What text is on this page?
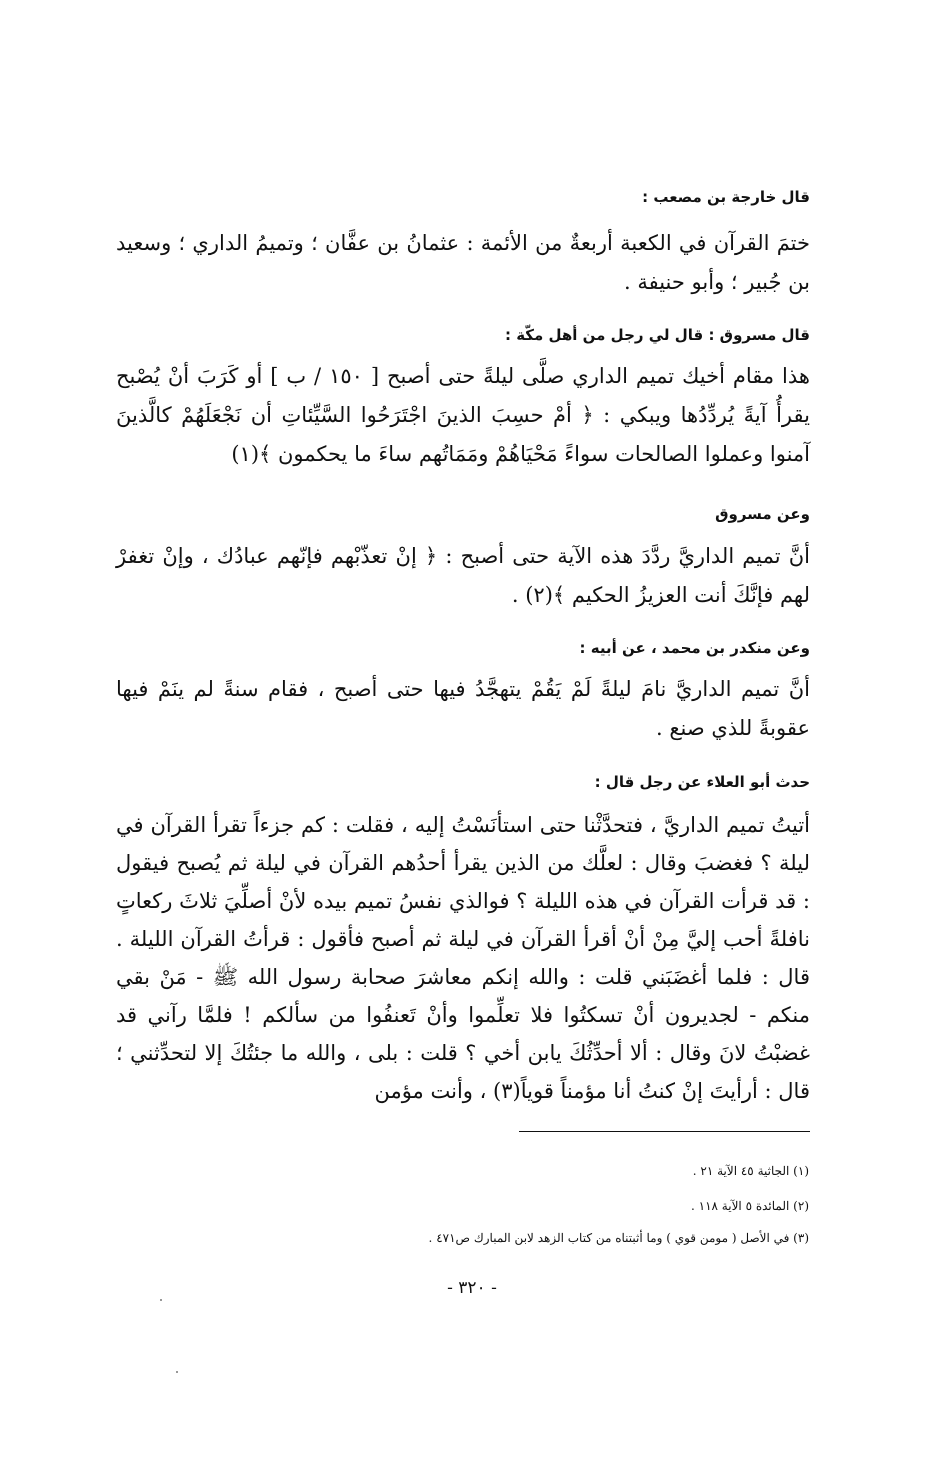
قال خارجة بن مصعب :
ختمَ القرآن في الكعبة أربعةٌ من الأئمة : عثمانُ بن عفَّان ؛ وتميمُ الداري ؛ وسعيد بن جُبير ؛ وأبو حنيفة .
قال مسروق : قال لي رجل من أهل مكّة :
هذا مقام أخيك تميم الداري صلَّى ليلةً حتى أصبح [ ١٥٠ / ب ] أو كَرَبَ أنْ يُصْبح يقرأُ آيةً يُردِّدُها ويبكي : ﴿ أمْ حسِبَ الذينَ اجْتَرَحُوا السَّيِّئاتِ أن نَجْعَلَهُمْ كالَّذينَ آمنوا وعملوا الصالحات سواءً مَحْيَاهُمْ ومَمَاتُهم ساءَ ما يحكمون ﴾(١)
وعن مسروق
أنَّ تميم الداريَّ ردَّدَ هذه الآية حتى أصبح : ﴿ إنْ تعذّبْهم فإنّهم عبادُك ، وإنْ تغفرْ لهم فإنَّكَ أنت العزيزُ الحكيم ﴾(٢) .
وعن منكدر بن محمد ، عن أبيه :
أنَّ تميم الداريَّ نامَ ليلةً لَمْ يَقُمْ يتهجَّدُ فيها حتى أصبح ، فقام سنةً لم ينَمْ فيها عقوبةً للذي صنع .
حدث أبو العلاء عن رجل قال :
أتيتُ تميم الداريَّ ، فتحدَّثْنا حتى استأنَسْتُ إليه ، فقلت : كم جزءاً تقرأ القرآن في ليلة ؟ فغضبَ وقال : لعلَّك من الذين يقرأ أحدُهم القرآن في ليلة ثم يُصبح فيقول : قد قرأت القرآن في هذه الليلة ؟ فوالذي نفسُ تميم بيده لأنْ أصلِّيَ ثلاثَ ركعاتٍ نافلةً أحب إليَّ مِنْ أنْ أقرأ القرآن في ليلة ثم أصبح فأقول : قرأتُ القرآن الليلة . قال : فلما أغضَبَني قلت : والله إنكم معاشرَ صحابة رسول الله ﷺ - مَنْ بقي منكم - لجديرون أنْ تسكتُوا فلا تعلِّموا وأنْ تَعنفُوا من سألكم ! فلمَّا رآني قد غضبْتُ لانَ وقال : ألا أحدِّثُكَ يابن أخي ؟ قلت : بلى ، والله ما جئتُكَ إلا لتحدِّثني ؛ قال : أرأيتَ إنْ كنتُ أنا مؤمناً قوياً(٣) ، وأنت مؤمن
(١) الجاثية ٤٥ الآية ٢١ .
(٢) المائدة ٥ الآية ١١٨ .
(٣) في الأصل ( مومن قوي ) وما أثبتناه من كتاب الزهد لابن المبارك ص٤٧١ .
- ٣٢٠ -
